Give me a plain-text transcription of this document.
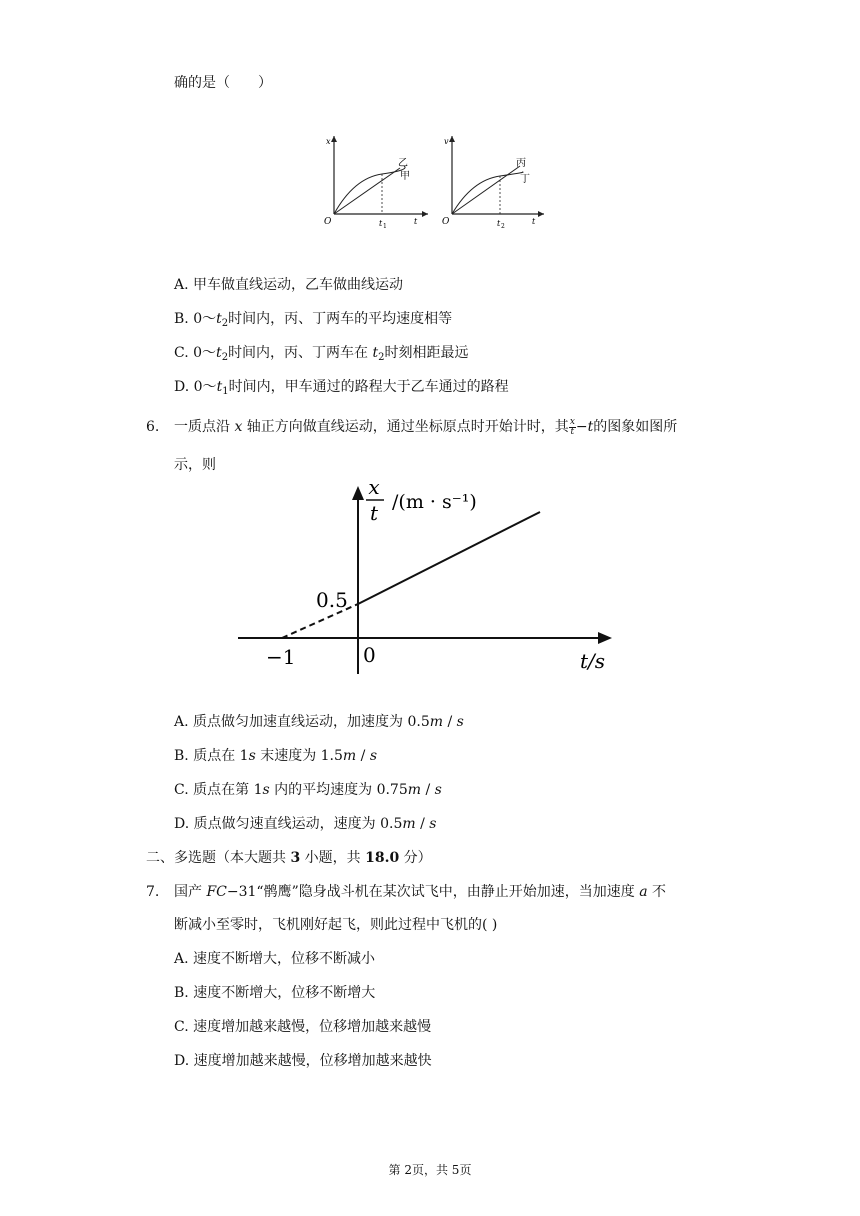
确的是（　　）
x
O	t 1
t
乙
甲
v
O	t 2
t
丙
丁
A. 甲车做直线运动，乙车做曲线运动
B. $0\sim t_2$时间内，丙、丁两车的平均速度相等
C. $0\sim t_2$时间内，丙、丁两车在 $t_2$时刻相距最远
D. $0\sim t_1$时间内，甲车通过的路程大于乙车通过的路程
6. 一质点沿 x 轴正方向做直线运动，通过坐标原点时开始计时，其 $\frac{x}{t} -t$的图象如图所
示，则
x
t /(m · s⁻¹)
0.5
−1	0	t/s
A. 质点做匀加速直线运动，加速度为 0.5m / s
B. 质点在 1s 末速度为 1.5m / s
C. 质点在第 1s 内的平均速度为 0.75m / s
D. 质点做匀速直线运动，速度为 0.5m / s
二、多选题（本大题共 3 小题，共 18.0 分）
7. 国产 FC−31“鹘鹰”隐身战斗机在某次试飞中，由静止开始加速，当加速度 a 不
断减小至零时，飞机刚好起飞，则此过程中飞机的( )
A. 速度不断增大，位移不断减小
B. 速度不断增大，位移不断增大
C. 速度增加越来越慢，位移增加越来越慢
D. 速度增加越来越慢，位移增加越来越快
第 2页，共 5页
